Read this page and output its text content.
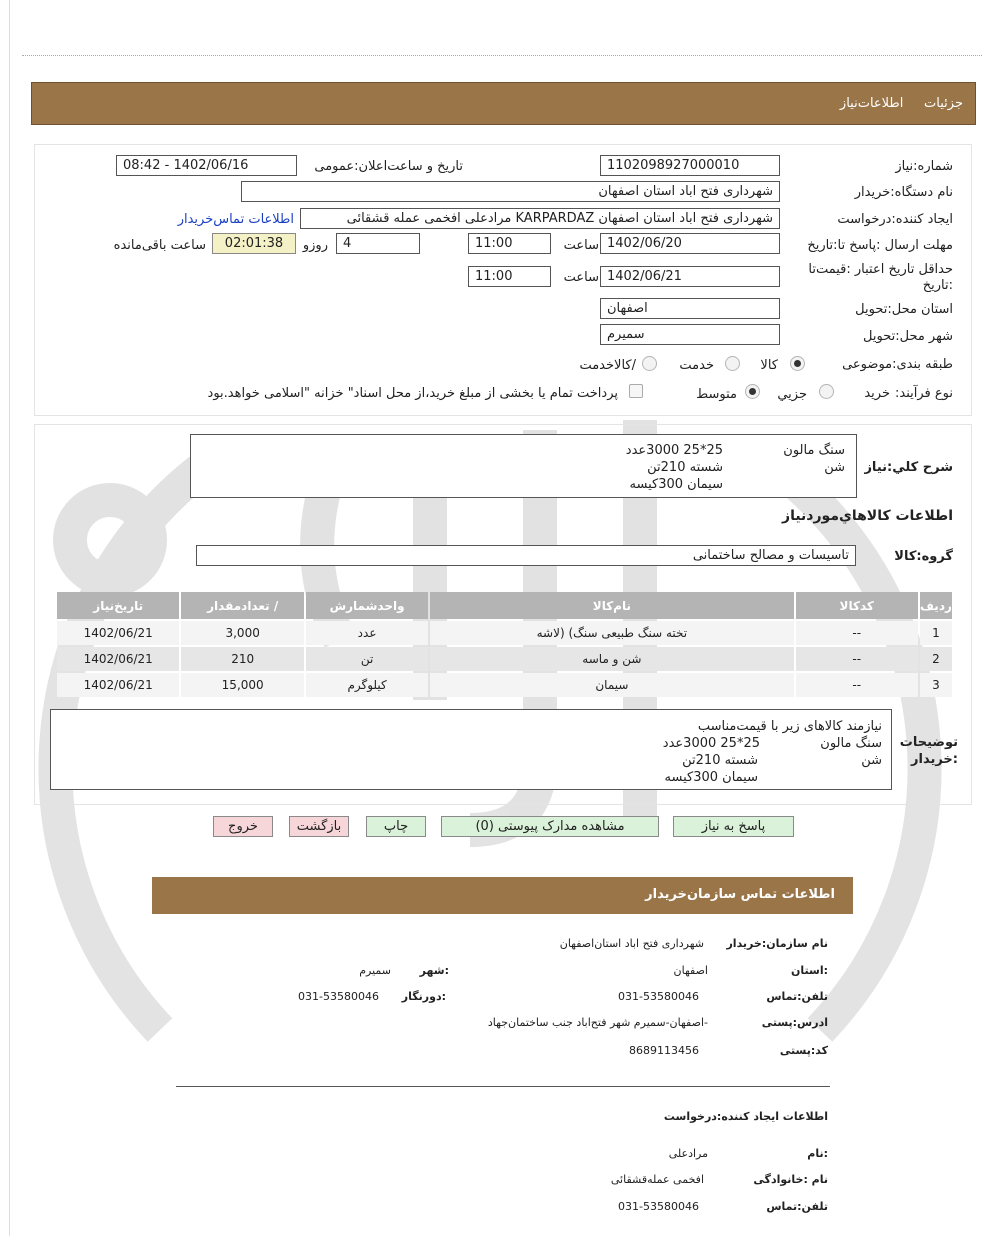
جزئیات     اطلاعات‌نیاز
شماره:نیاز
1102098927000010
تاریخ و ساعت‌اعلان:عمومی
1402/06/16 - 08:42
نام دستگاه:خریدار
شهرداری فتح اباد استان اصفهان
ایجاد کننده:درخواست
شهرداری فتح اباد استان اصفهان KARPARDAZ مرادعلی افخمی عمله قشقائی
اطلاعات تماس‌خریدار
مهلت ارسال :پاسخ تا:تاریخ
1402/06/20
ساعت
11:00
4
روزو
02:01:38
ساعت باقی‌مانده
حداقل تاریخ اعتبار :قیمت‌تا :تاریخ
1402/06/21
ساعت
11:00
استان محل:تحویل
اصفهان
شهر محل:تحویل
سمیرم
طبقه بندی:موضوعی
کالا
خدمت
/کالاخدمت
نوع فرآیند:
خرید
جزیي
متوسط
پرداخت تمام یا بخشی از مبلغ خرید،از محل اسناد" خزانه "اسلامی خواهد.بود
شرح کلي:نیاز
سنگ مالون
25*25 3000عدد
شن
شسته 210تن
سیمان 300کیسه
اطلاعات کالاهاي‌موردنیاز
گروه:کالا
تاسیسات و مصالح ساختمانی
ردیف	کدکالا	نام‌کالا	واحدشمارش	/ تعدادمقدار	تاریخ‌نیاز
1	--	تخته سنگ طبیعی سنگ) (لاشه	عدد	3,000	1402/06/21
2	--	شن و ماسه	تن	210	1402/06/21
3	--	سیمان	کیلوگرم	15,000	1402/06/21
توضیحات :خریدار
نیازمند کالاهای زیر با قیمت‌مناسب
سنگ مالون
25*25 3000عدد
شن
شسته 210تن
سیمان 300کیسه
پاسخ به نیاز
مشاهده مدارک پیوستی (0)
چاپ
بازگشت
خروج
اطلاعات تماس سازمان‌خریدار
نام سازمان:خریدار
شهرداری فتح اباد استان‌اصفهان
:استان
اصفهان
:شهر
سمیرم
تلفن:تماس
031-53580046
:دورنگار
031-53580046
ادرس:پستی
-اصفهان-سمیرم شهر فتح‌اباد جنب ساختمان‌جهاد
کد:پستی
8689113456
اطلاعات ایجاد کننده:درخواست
:نام
مرادعلی
نام :خانوادگی
افخمی عمله‌قشقائی
تلفن:تماس
031-53580046
